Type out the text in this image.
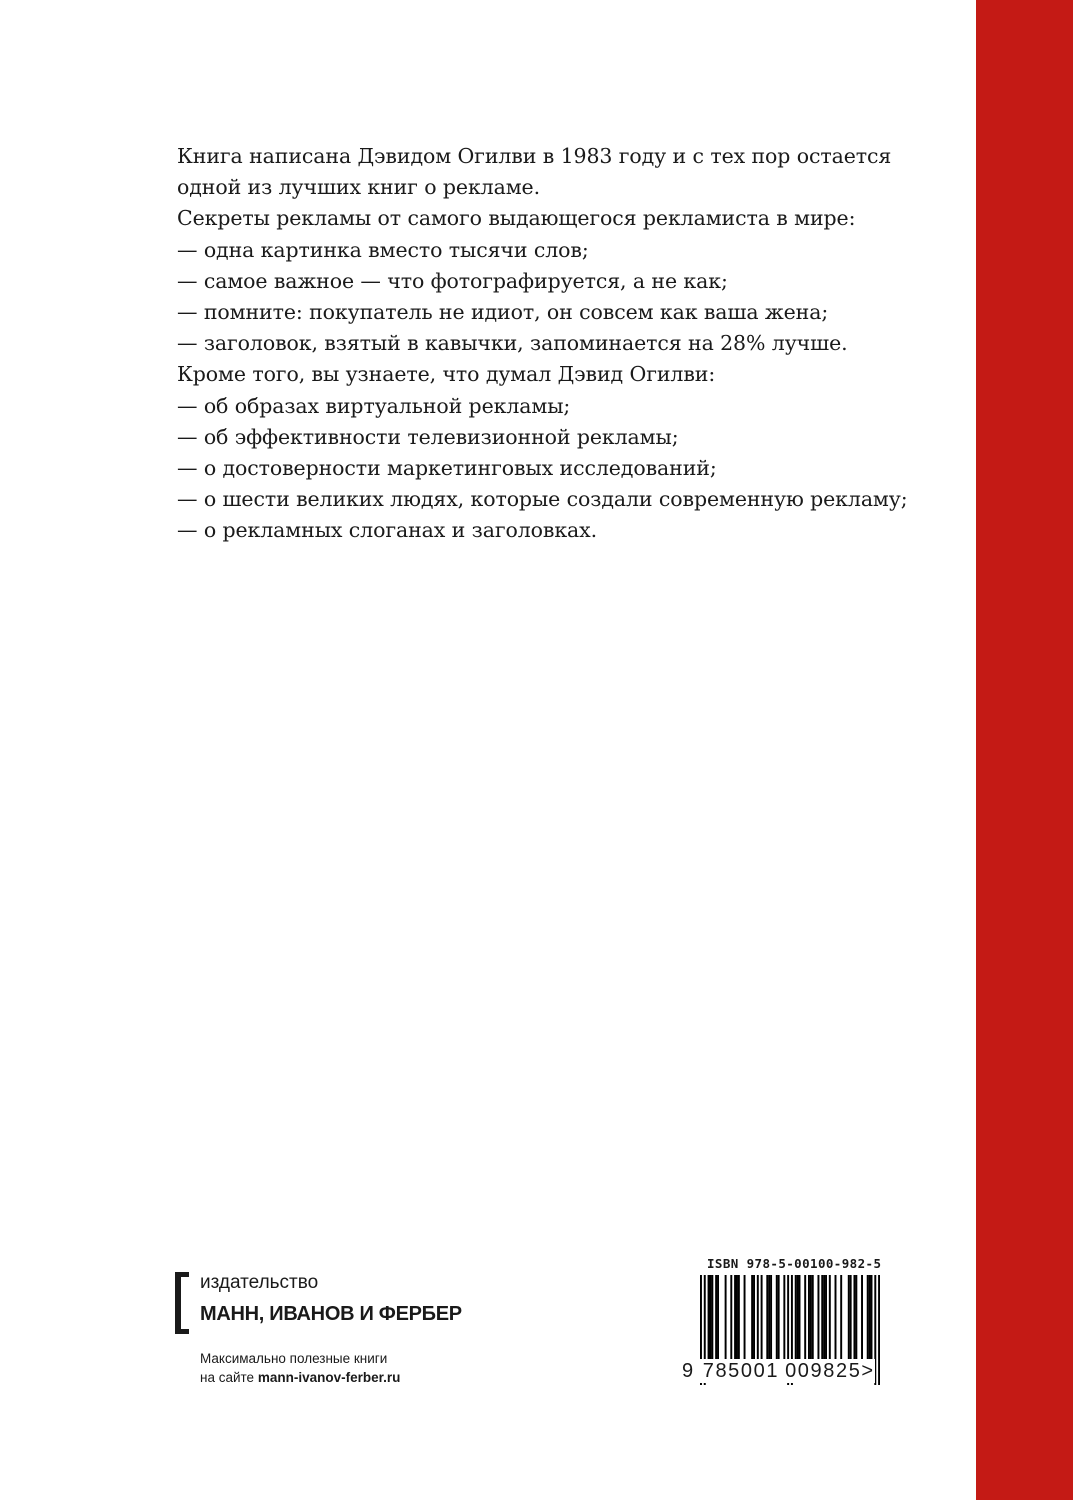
Книга написана Дэвидом Огилви в 1983 году и с тех пор остается

одной из лучших книг о рекламе.

Секреты рекламы от самого выдающегося рекламиста в мире:

— одна картинка вместо тысячи слов;

— самое важное — что фотографируется, а не как;

— помните: покупатель не идиот, он совсем как ваша жена;

— заголовок, взятый в кавычки, запоминается на 28% лучше.

Кроме того, вы узнаете, что думал Дэвид Огилви:

— об образах виртуальной рекламы;

— об эффективности телевизионной рекламы;

— о достоверности маркетинговых исследований;

— о шести великих людях, которые создали современную рекламу;

— о рекламных слоганах и заголовках.

издательство
МАНН, ИВАНОВ И ФЕРБЕР
Максимально полезные книги
на сайте mann-ivanov-ferber.ru
ISBN 978-5-00100-982-5
9 785001 009825>
